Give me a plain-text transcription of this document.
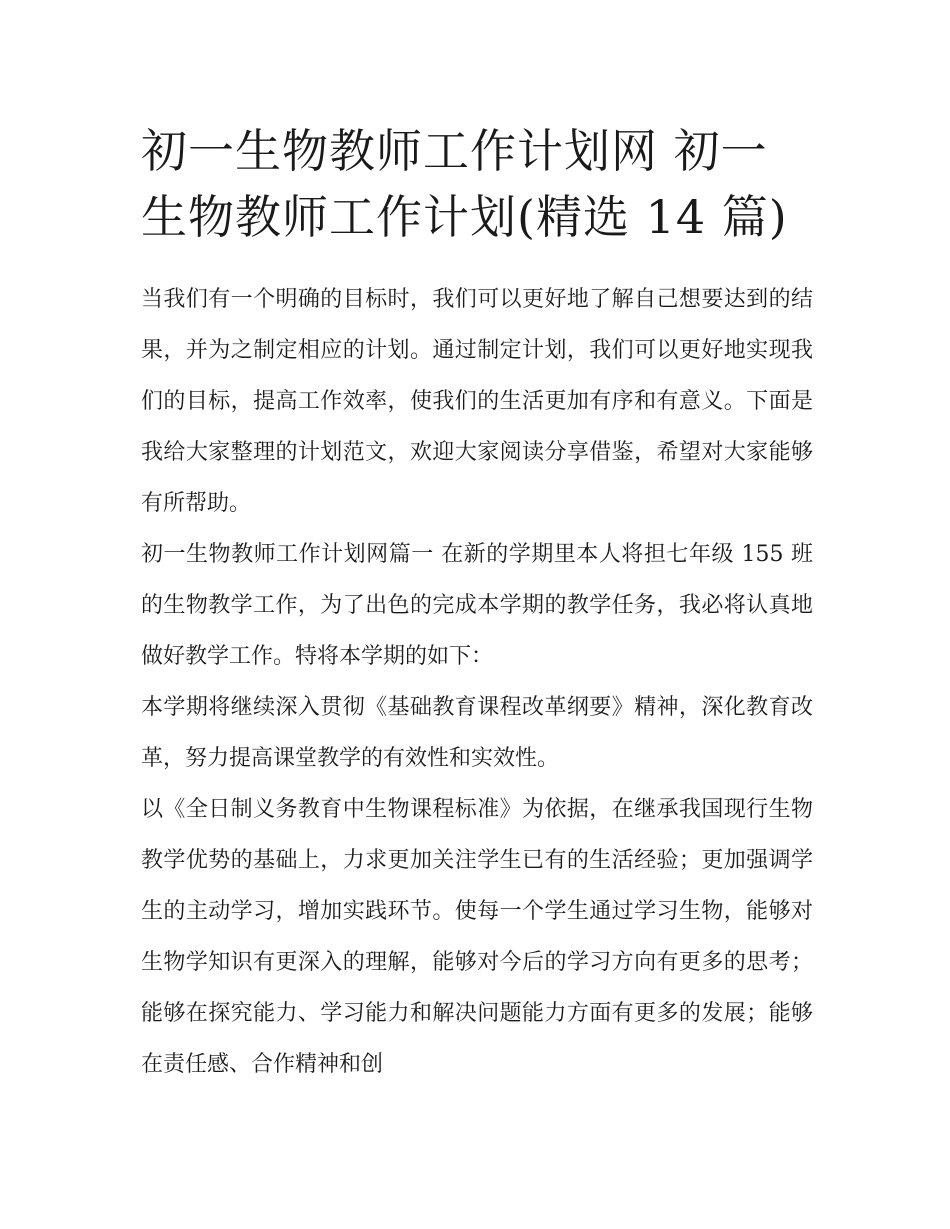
初一生物教师工作计划网 初一生物教师工作计划(精选 14 篇)

当我们有一个明确的目标时，我们可以更好地了解自己想要达到的结果，并为之制定相应的计划。通过制定计划，我们可以更好地实现我们的目标，提高工作效率，使我们的生活更加有序和有意义。下面是我给大家整理的计划范文，欢迎大家阅读分享借鉴，希望对大家能够有所帮助。

初一生物教师工作计划网篇一 在新的学期里本人将担七年级 155 班的生物教学工作，为了出色的完成本学期的教学任务，我必将认真地做好教学工作。特将本学期的如下：

本学期将继续深入贯彻《基础教育课程改革纲要》精神，深化教育改革，努力提高课堂教学的有效性和实效性。

以《全日制义务教育中生物课程标准》为依据，在继承我国现行生物教学优势的基础上，力求更加关注学生已有的生活经验；更加强调学生的主动学习，增加实践环节。使每一个学生通过学习生物，能够对生物学知识有更深入的理解，能够对今后的学习方向有更多的思考；能够在探究能力、学习能力和解决问题能力方面有更多的发展；能够在责任感、合作精神和创
